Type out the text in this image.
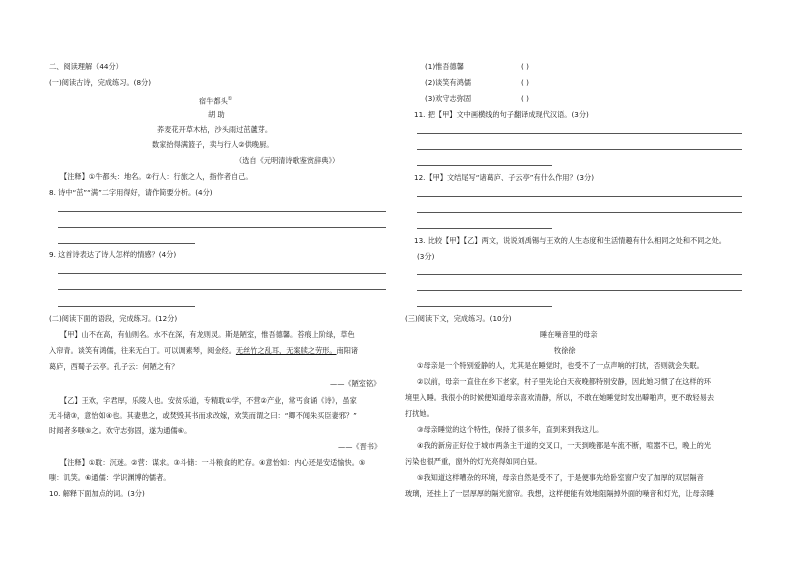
二、阅读理解（44分）
(一)阅读古诗，完成练习。(8分)
宿牛都头①
胡 助
荞麦花开草木枯，沙头雨过茁蘆芽。
数家抬得满篮子，卖与行人②供晚厨。
（选自《元明清诗歌鉴赏辞典》）
【注释】①牛都头：地名。②行人：行旅之人，指作者自己。
8. 诗中“茁”“满”二字用得好，请作简要分析。(4分)
9. 这首诗表达了诗人怎样的情感？(4分)
(二)阅读下面的语段，完成练习。(12分)
【甲】山不在高，有仙则名。水不在深，有龙则灵。斯是陋室，惟吾德馨。苔痕上阶绿，草色
入帘青。谈笑有鸿儒，往来无白丁。可以调素琴，阅金经。无丝竹之乱耳，无案牍之劳形。南阳诸
葛庐，西蜀子云亭。孔子云：何陋之有？
——《陋室铭》
【乙】王欢，字君厚，乐陵人也。安贫乐道，专精耽①学，不营②产业，常丐食诵《诗》，虽家
无斗储③，意怡如④也。其妻患之，或焚毁其书而求改嫁，欢笑而谓之曰：“卿不闻朱买臣妻邪？”
时闻者多嗤⑤之。欢守志弥固，遂为通儒⑥。
——《晋书》
【注释】①耽：沉迷。②营：谋求。③斗储：一斗粮食的贮存。④意怡如：内心还是安适愉快。⑤
嗤：讥笑。⑥通儒：学识渊博的儒者。
10. 解释下面加点的词。(3分)
(1)惟吾德馨	( )
(2)谈笑有鸿儒	( )
(3)欢守志弥固	( )
11. 把【甲】文中画横线的句子翻译成现代汉语。(3分)
12.【甲】文结尾写“诸葛庐、子云亭”有什么作用？(3分)
13. 比较【甲】【乙】两文，说说刘禹锡与王欢的人生态度和生活情趣有什么相同之处和不同之处。
(3分)
(三)阅读下文，完成练习。(10分)
睡在噪音里的母亲
牧徐徐
①母亲是一个特别爱静的人，尤其是在睡觉时，也受不了一点声响的打扰，否则就会失眠。
②以前，母亲一直住在乡下老家，村子里先论白天夜晚都特别安静，因此她习惯了在这样的环
境里入睡。我很小的时候便知道母亲喜欢清静，所以，不敢在她睡觉时发出噼啪声，更不敢轻易去
打扰她。
③母亲睡觉的这个特性，保持了很多年，直到来到我这儿。
④我的新房正好位于城市两条主干道的交叉口，一天到晚都是车流不断，喧嚣不已，晚上的光
污染也很严重，窗外的灯光亮得如同白昼。
⑤我知道这样嘈杂的环境，母亲自然是受不了，于是便事先给卧室窗户安了加厚的双层隔音
玻璃，还挂上了一层厚厚的隔光窗帘。我想，这样便能有效地阻隔掉外面的噪音和灯光，让母亲睡
